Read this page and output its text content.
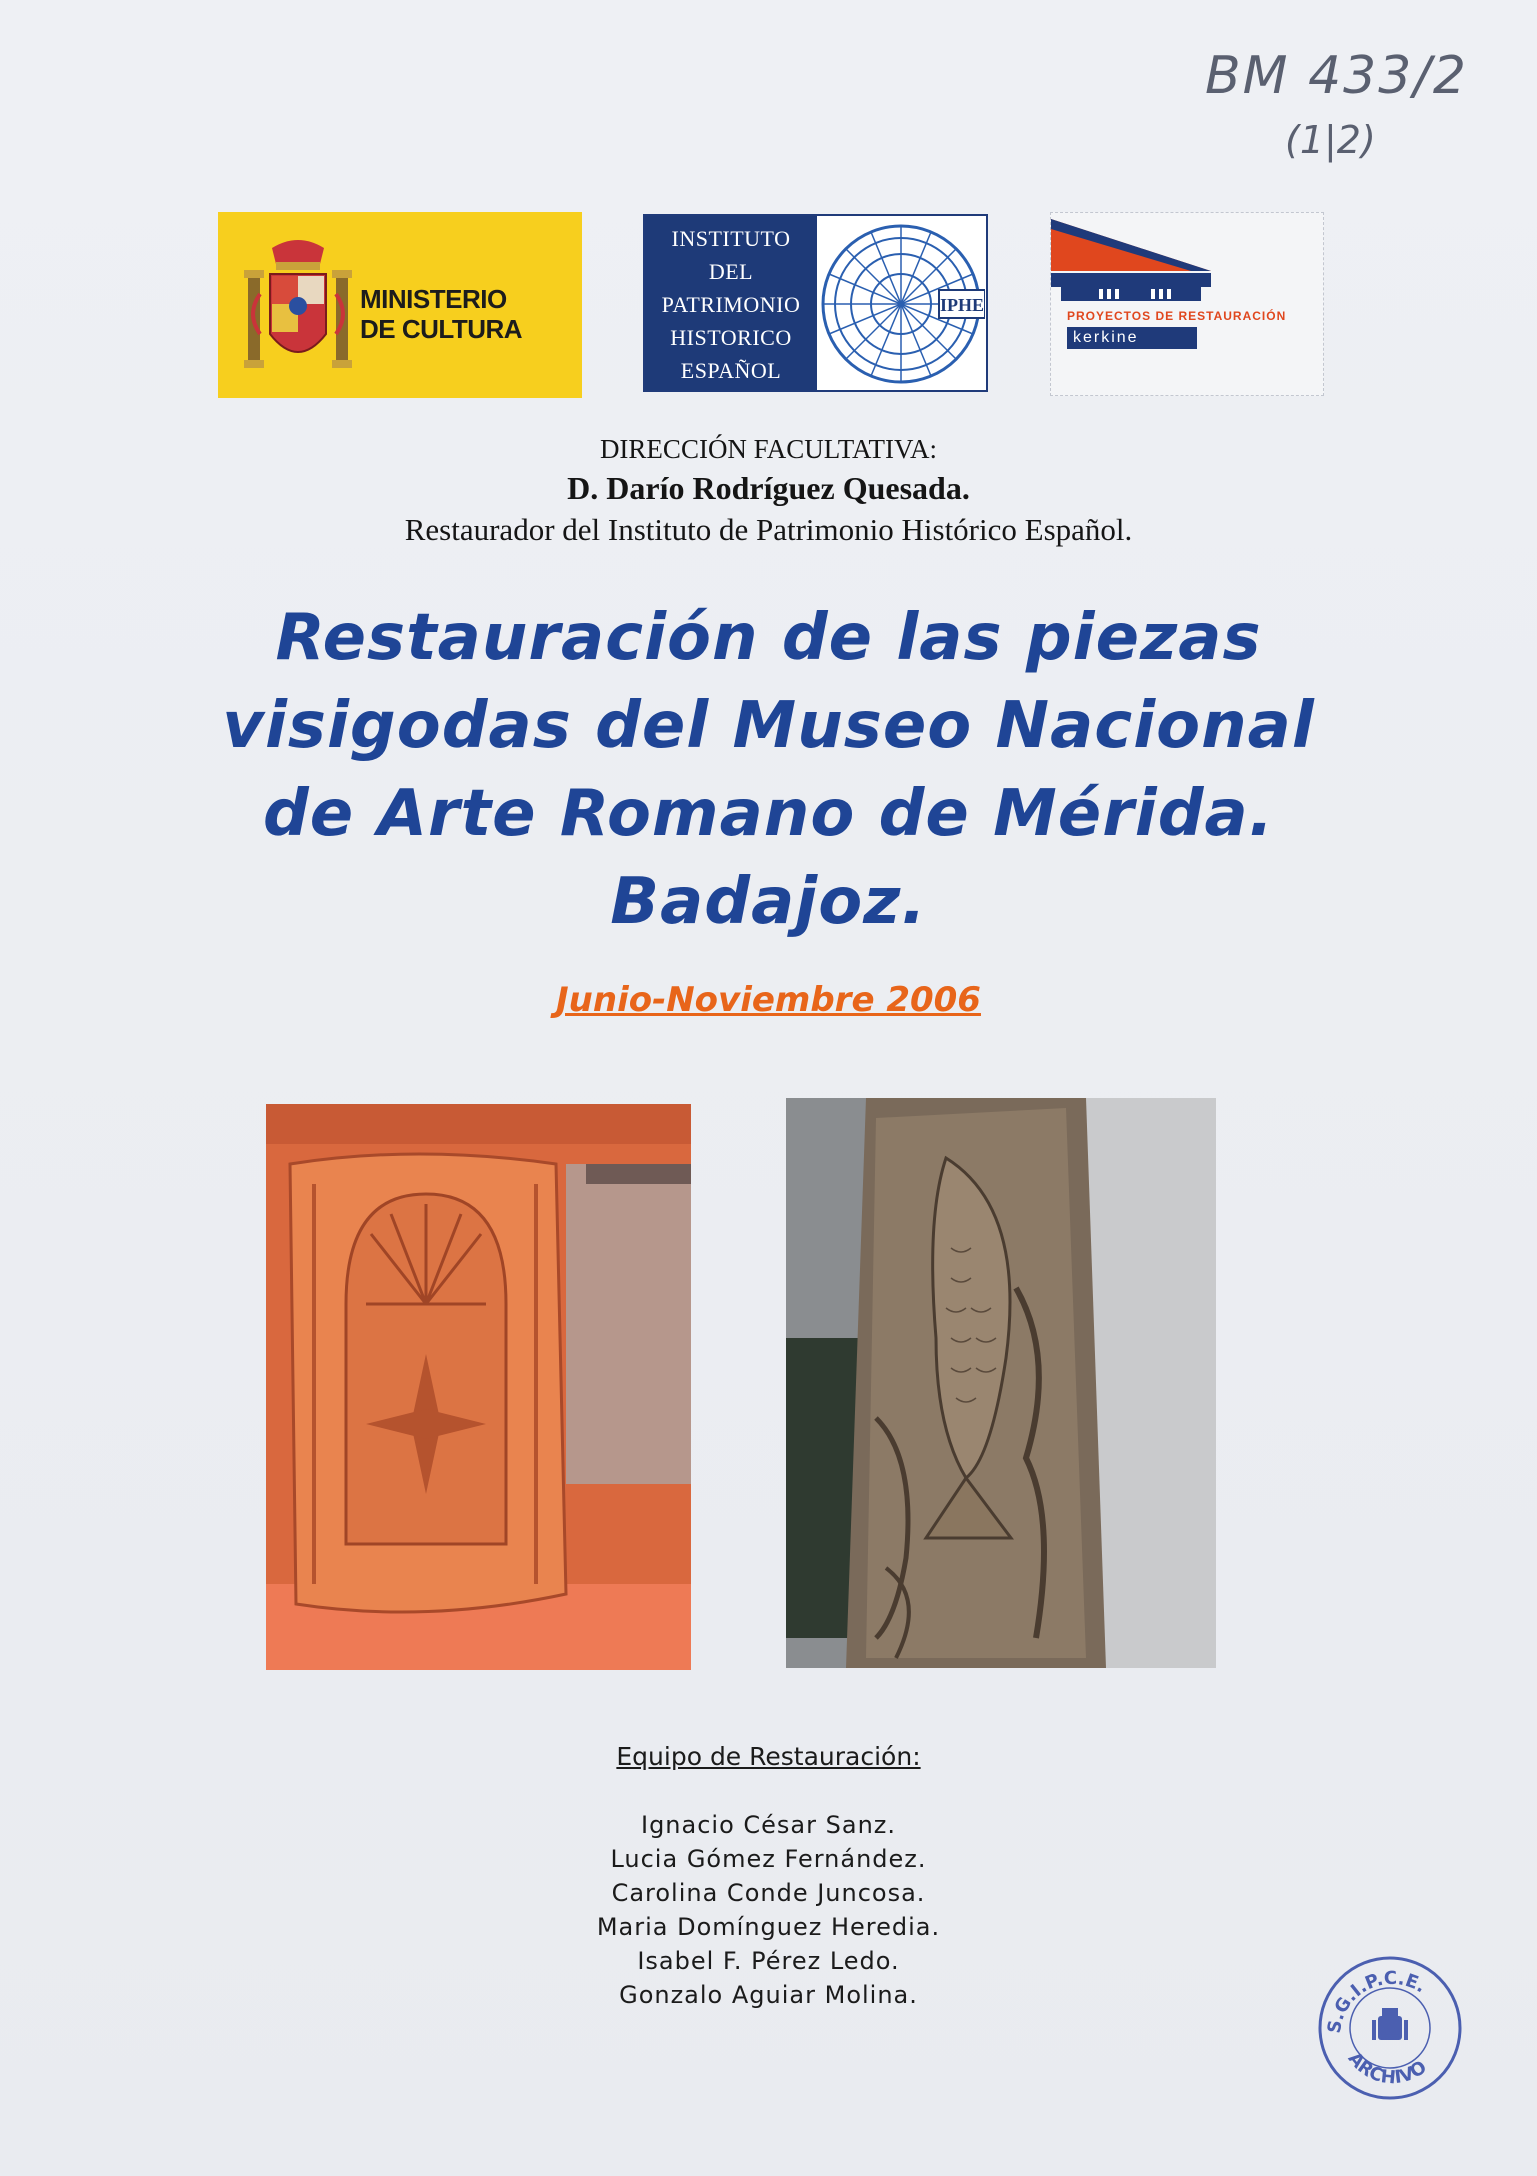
BM 433/2
(1|2)
MINISTERIO
DE CULTURA
INSTITUTO
DEL
PATRIMONIO
HISTORICO
ESPAÑOL
IPHE
PROYECTOS DE RESTAURACIÓN
kerkine
DIRECCIÓN FACULTATIVA:
D. Darío Rodríguez Quesada.
Restaurador del Instituto de Patrimonio Histórico Español.
Restauración de las piezas
visigodas del Museo Nacional
de Arte Romano de Mérida.
Badajoz.
Junio-Noviembre 2006
Equipo de Restauración:
Ignacio César Sanz.
Lucia Gómez Fernández.
Carolina Conde Juncosa.
Maria Domínguez Heredia.
Isabel F. Pérez Ledo.
Gonzalo Aguiar Molina.
S.G.I.P.C.E.
ARCHIVO
